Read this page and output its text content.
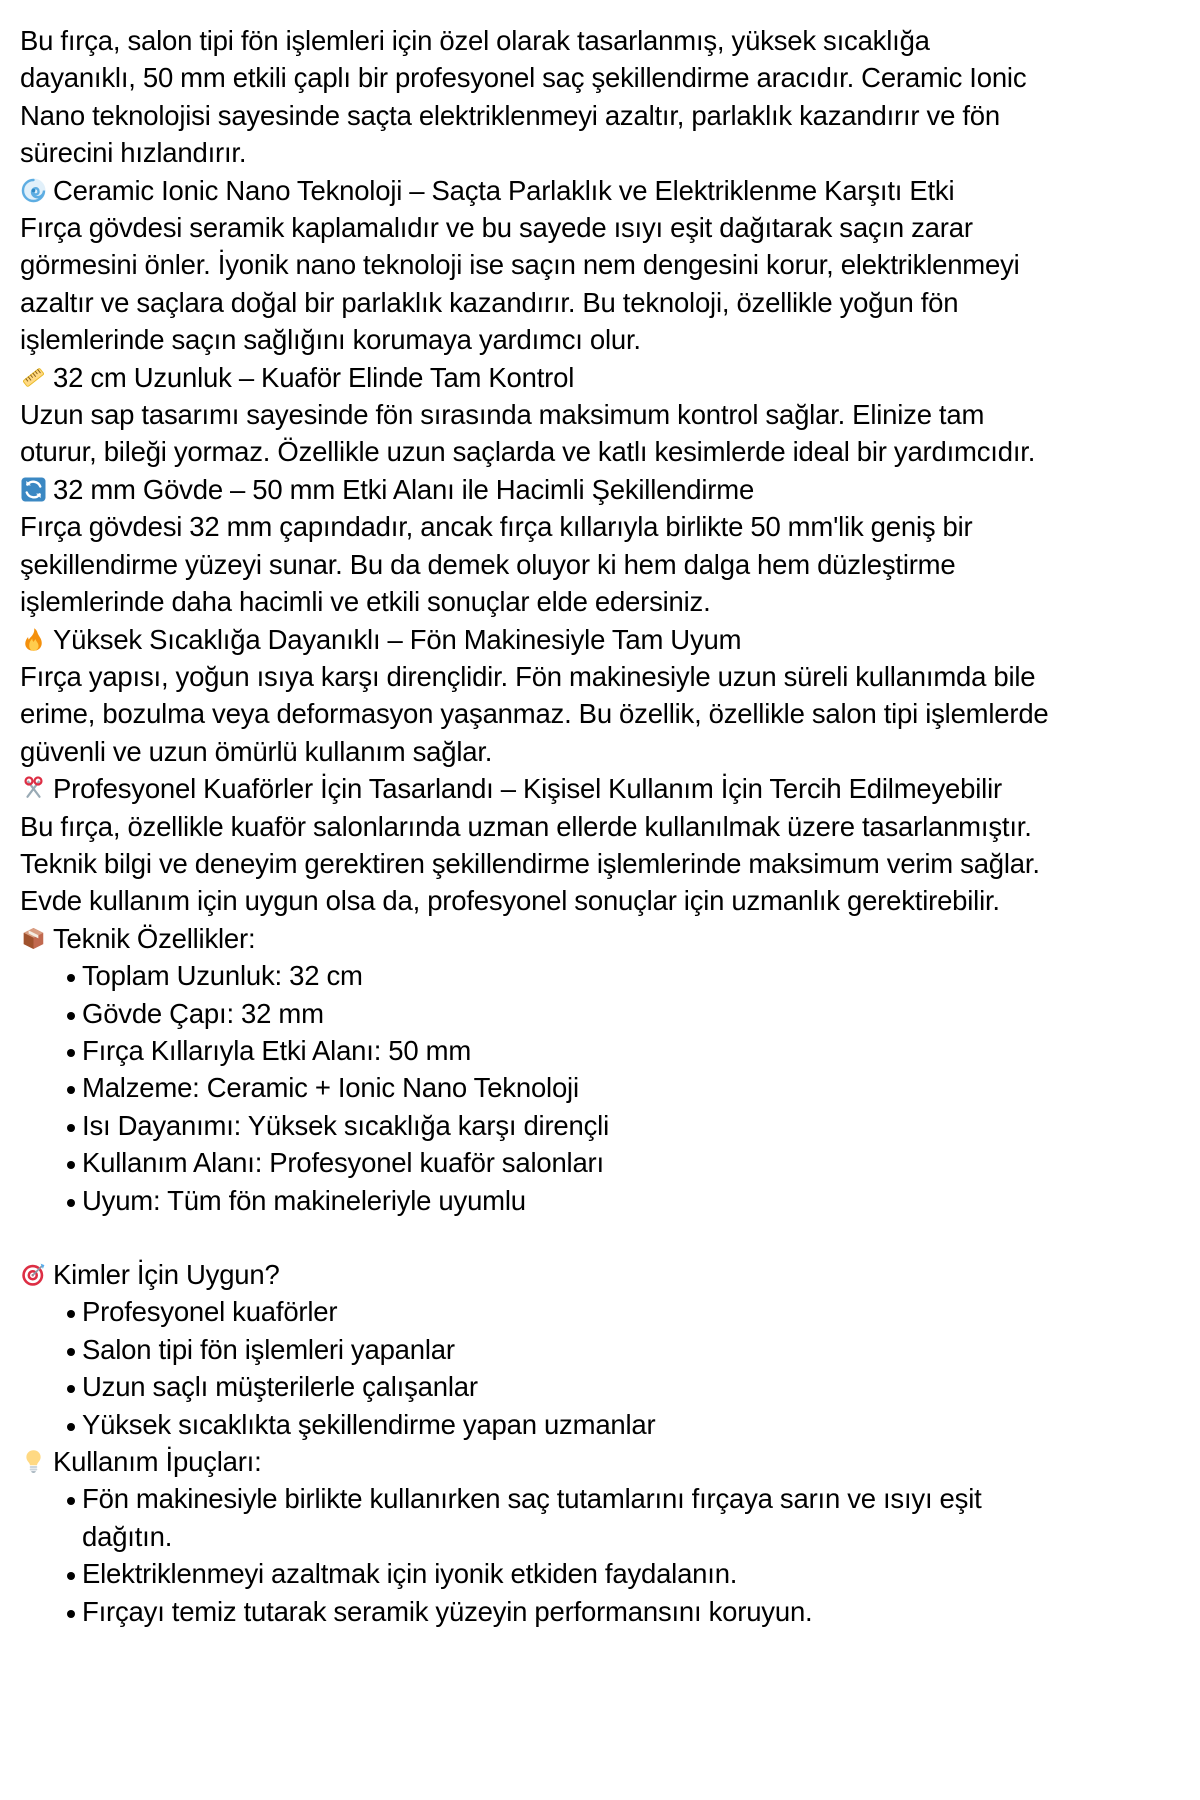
Bu fırça, salon tipi fön işlemleri için özel olarak tasarlanmış, yüksek sıcaklığa dayanıklı, 50 mm etkili çaplı bir profesyonel saç şekillendirme aracıdır. Ceramic Ionic Nano teknolojisi sayesinde saçta elektriklenmeyi azaltır, parlaklık kazandırır ve fön sürecini hızlandırır.

Ceramic Ionic Nano Teknoloji – Saçta Parlaklık ve Elektriklenme Karşıtı Etki

Fırça gövdesi seramik kaplamalıdır ve bu sayede ısıyı eşit dağıtarak saçın zarar görmesini önler. İyonik nano teknoloji ise saçın nem dengesini korur, elektriklenmeyi azaltır ve saçlara doğal bir parlaklık kazandırır. Bu teknoloji, özellikle yoğun fön işlemlerinde saçın sağlığını korumaya yardımcı olur.

32 cm Uzunluk – Kuaför Elinde Tam Kontrol

Uzun sap tasarımı sayesinde fön sırasında maksimum kontrol sağlar. Elinize tam oturur, bileği yormaz. Özellikle uzun saçlarda ve katlı kesimlerde ideal bir yardımcıdır.

32 mm Gövde – 50 mm Etki Alanı ile Hacimli Şekillendirme

Fırça gövdesi 32 mm çapındadır, ancak fırça kıllarıyla birlikte 50 mm'lik geniş bir şekillendirme yüzeyi sunar. Bu da demek oluyor ki hem dalga hem düzleştirme işlemlerinde daha hacimli ve etkili sonuçlar elde edersiniz.

Yüksek Sıcaklığa Dayanıklı – Fön Makinesiyle Tam Uyum

Fırça yapısı, yoğun ısıya karşı dirençlidir. Fön makinesiyle uzun süreli kullanımda bile erime, bozulma veya deformasyon yaşanmaz. Bu özellik, özellikle salon tipi işlemlerde güvenli ve uzun ömürlü kullanım sağlar.

Profesyonel Kuaförler İçin Tasarlandı – Kişisel Kullanım İçin Tercih Edilmeyebilir

Bu fırça, özellikle kuaför salonlarında uzman ellerde kullanılmak üzere tasarlanmıştır. Teknik bilgi ve deneyim gerektiren şekillendirme işlemlerinde maksimum verim sağlar. Evde kullanım için uygun olsa da, profesyonel sonuçlar için uzmanlık gerektirebilir.

Teknik Özellikler:

Toplam Uzunluk: 32 cm
Gövde Çapı: 32 mm
Fırça Kıllarıyla Etki Alanı: 50 mm
Malzeme: Ceramic + Ionic Nano Teknoloji
Isı Dayanımı: Yüksek sıcaklığa karşı dirençli
Kullanım Alanı: Profesyonel kuaför salonları
Uyum: Tüm fön makineleriyle uyumlu

Kimler İçin Uygun?

Profesyonel kuaförler
Salon tipi fön işlemleri yapanlar
Uzun saçlı müşterilerle çalışanlar
Yüksek sıcaklıkta şekillendirme yapan uzmanlar

Kullanım İpuçları:

Fön makinesiyle birlikte kullanırken saç tutamlarını fırçaya sarın ve ısıyı eşit dağıtın.
Elektriklenmeyi azaltmak için iyonik etkiden faydalanın.
Fırçayı temiz tutarak seramik yüzeyin performansını koruyun.
